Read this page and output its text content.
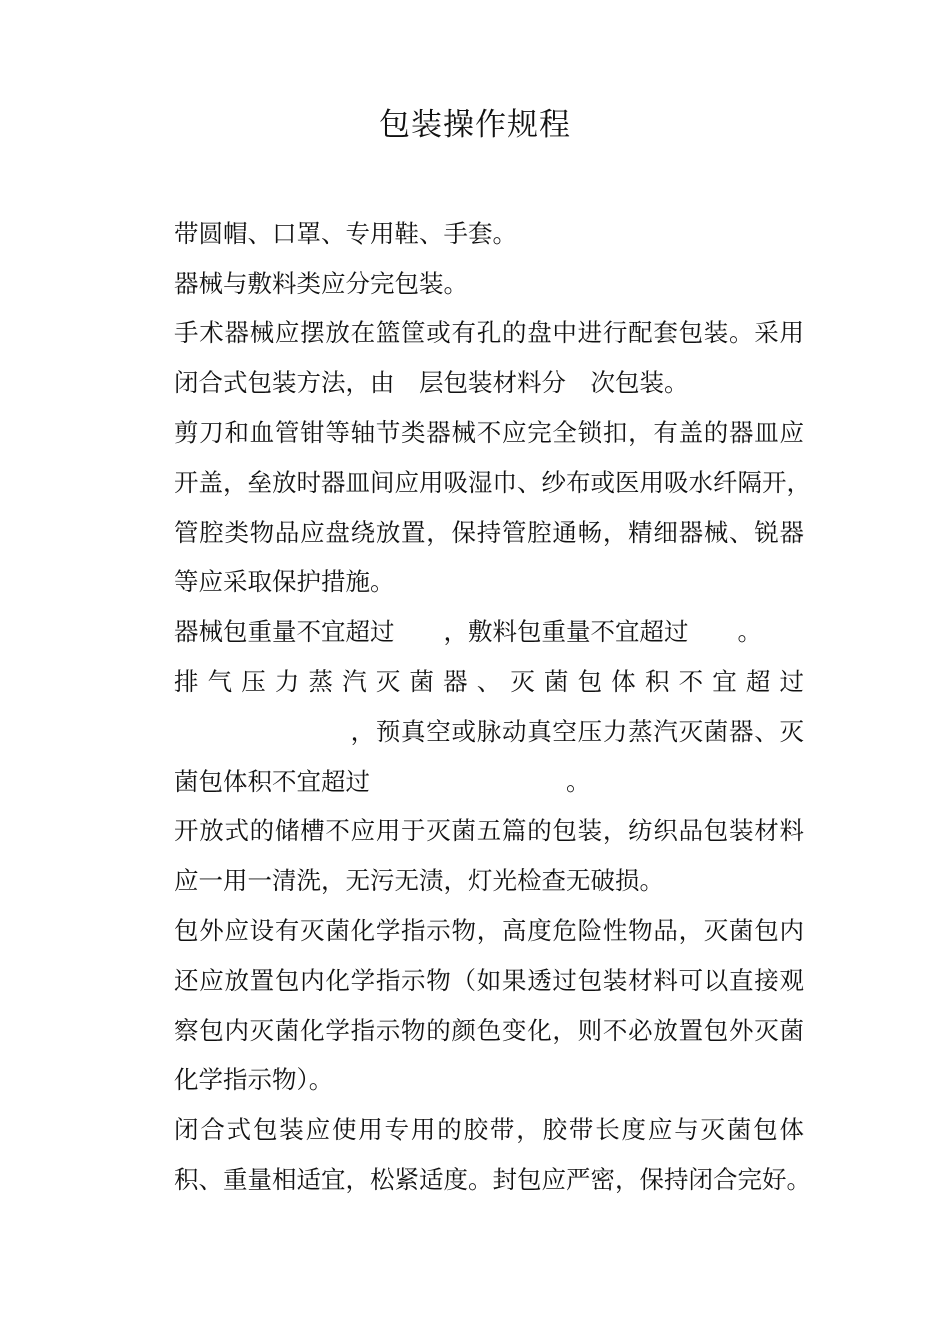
包装操作规程
带圆帽、口罩、专用鞋、手套。
器械与敷料类应分完包装。
手术器械应摆放在篮筐或有孔的盘中进行配套包装。采用
闭合式包装方法，由　层包装材料分　次包装。
剪刀和血管钳等轴节类器械不应完全锁扣，有盖的器皿应
开盖，垒放时器皿间应用吸湿巾、纱布或医用吸水纤隔开，
管腔类物品应盘绕放置，保持管腔通畅，精细器械、锐器
等应采取保护措施。
器械包重量不宜超过　　，敷料包重量不宜超过　　。
排 气 压 力 蒸 汽 灭 菌 器 、 灭 菌 包 体 积 不 宜 超 过
　　　　　　　，预真空或脉动真空压力蒸汽灭菌器、灭
菌包体积不宜超过　　　　　　　　。
开放式的储槽不应用于灭菌五篇的包装，纺织品包装材料
应一用一清洗，无污无渍，灯光检查无破损。
包外应设有灭菌化学指示物，高度危险性物品，灭菌包内
还应放置包内化学指示物（如果透过包装材料可以直接观
察包内灭菌化学指示物的颜色变化，则不必放置包外灭菌
化学指示物）。
闭合式包装应使用专用的胶带，胶带长度应与灭菌包体
积、重量相适宜，松紧适度。封包应严密，保持闭合完好。
